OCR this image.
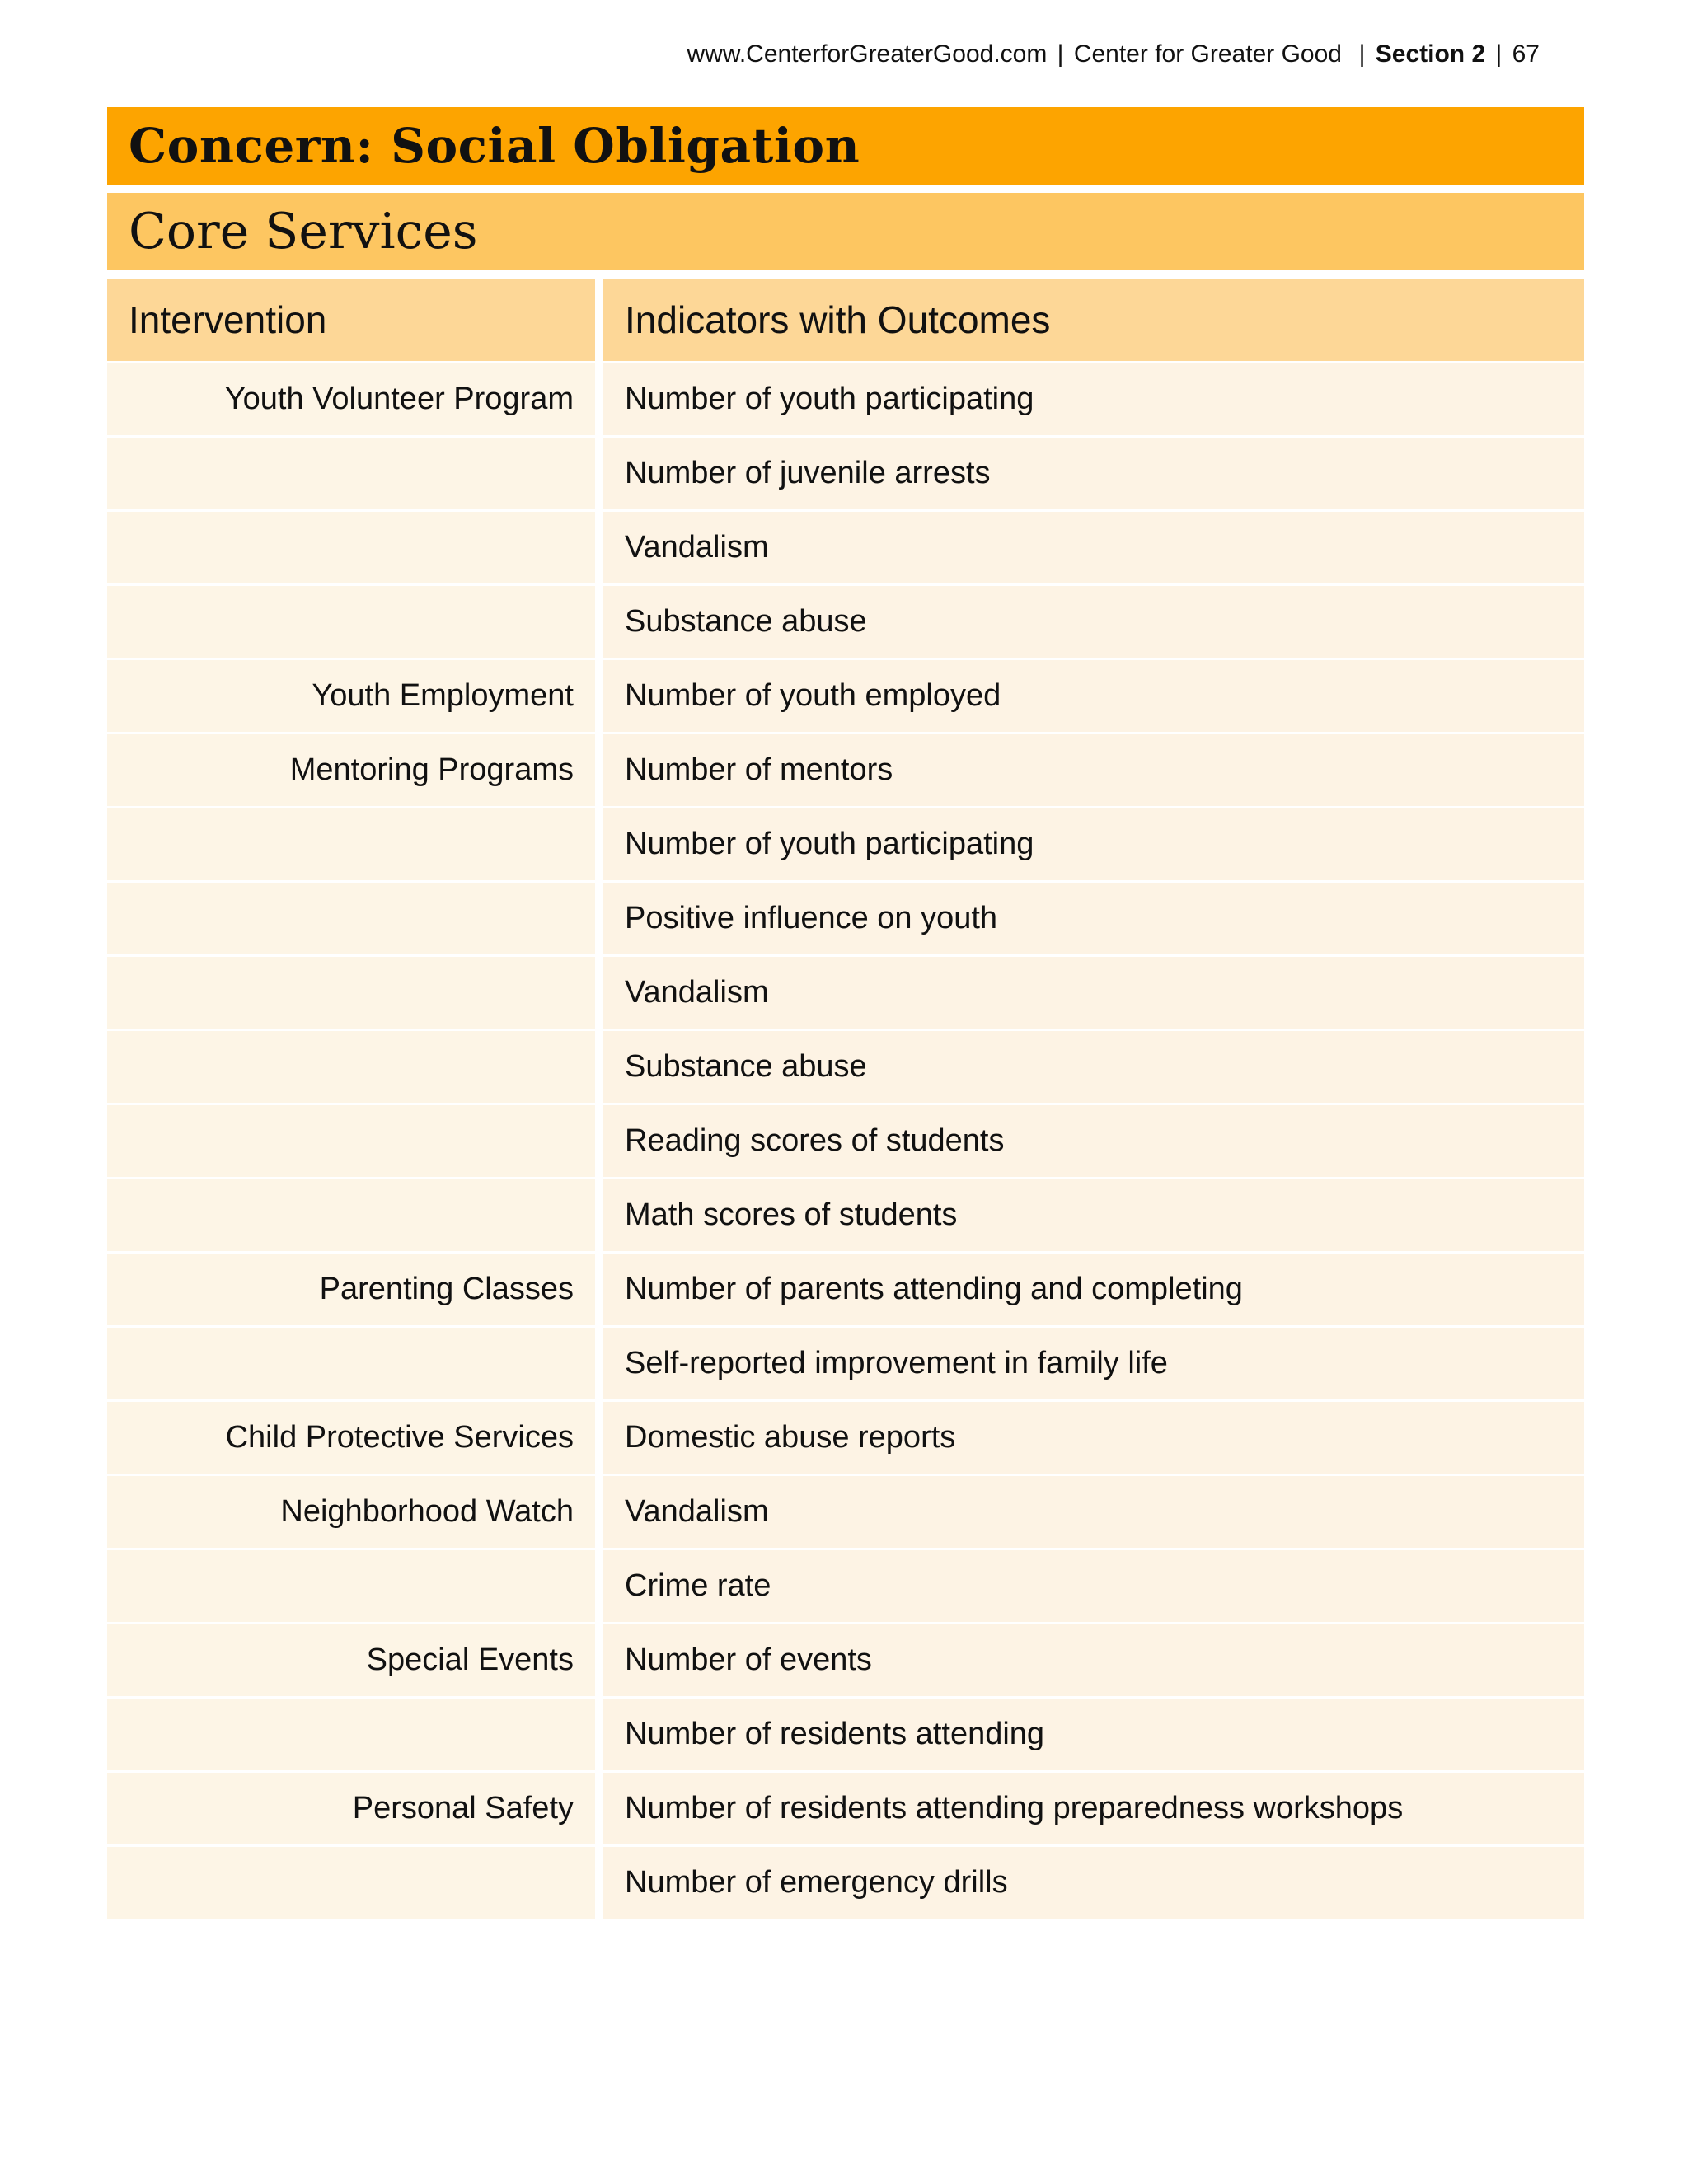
www.CenterforGreaterGood.com | Center for Greater Good  | Section 2 | 67
Concern: Social Obligation
Core Services
Intervention	Indicators with Outcomes
Youth Volunteer Program	Number of youth participating
	Number of juvenile arrests
	Vandalism
	Substance abuse
Youth Employment	Number of youth employed
Mentoring Programs	Number of mentors
	Number of youth participating
	Positive influence on youth
	Vandalism
	Substance abuse
	Reading scores of students
	Math scores of students
Parenting Classes	Number of parents attending and completing
	Self-reported improvement in family life
Child Protective Services	Domestic abuse reports
Neighborhood Watch	Vandalism
	Crime rate
Special Events	Number of events
	Number of residents attending
Personal Safety	Number of residents attending preparedness workshops
	Number of emergency drills
